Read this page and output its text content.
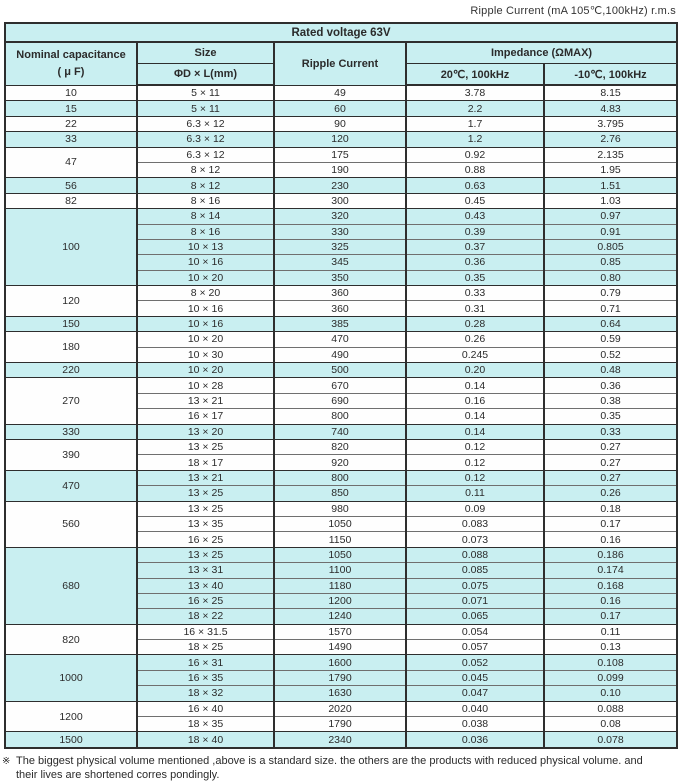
Ripple Current (mA 105℃,100kHz) r.m.s
Rated voltage 63V				

Nominal capacitance
( μ F)	Size	Ripple Current	Impedance (ΩMAX)	
	ΦD × L(mm)		20℃, 100kHz	-10℃, 100kHz
10	5 × 11	49	3.78	8.15
15	5 × 11	60	2.2	4.83
22	6.3 × 12	90	1.7	3.795
33	6.3 × 12	120	1.2	2.76
47	6.3 × 12	175	0.92	2.135
	8 × 12	190	0.88	1.95
56	8 × 12	230	0.63	1.51
82	8 × 16	300	0.45	1.03
100	8 × 14	320	0.43	0.97
	8 × 16	330	0.39	0.91
	10 × 13	325	0.37	0.805
	10 × 16	345	0.36	0.85
	10 × 20	350	0.35	0.80
120	8 × 20	360	0.33	0.79
	10 × 16	360	0.31	0.71
150	10 × 16	385	0.28	0.64
180	10 × 20	470	0.26	0.59
	10 × 30	490	0.245	0.52
220	10 × 20	500	0.20	0.48
270	10 × 28	670	0.14	0.36
	13 × 21	690	0.16	0.38
	16 × 17	800	0.14	0.35
330	13 × 20	740	0.14	0.33
390	13 × 25	820	0.12	0.27
	18 × 17	920	0.12	0.27
470	13 × 21	800	0.12	0.27
	13 × 25	850	0.11	0.26
560	13 × 25	980	0.09	0.18
	13 × 35	1050	0.083	0.17
	16 × 25	1150	0.073	0.16
680	13 × 25	1050	0.088	0.186
	13 × 31	1100	0.085	0.174
	13 × 40	1180	0.075	0.168
	16 × 25	1200	0.071	0.16
	18 × 22	1240	0.065	0.17
820	16 × 31.5	1570	0.054	0.11
	18 × 25	1490	0.057	0.13
1000	16 × 31	1600	0.052	0.108
	16 × 35	1790	0.045	0.099
	18 × 32	1630	0.047	0.10
1200	16 × 40	2020	0.040	0.088
	18 × 35	1790	0.038	0.08
1500	18 × 40	2340	0.036	0.078
※ The biggest physical volume mentioned ,above is a standard size. the others are the products with reduced physical volume. and
their lives are shortened corres pondingly.
